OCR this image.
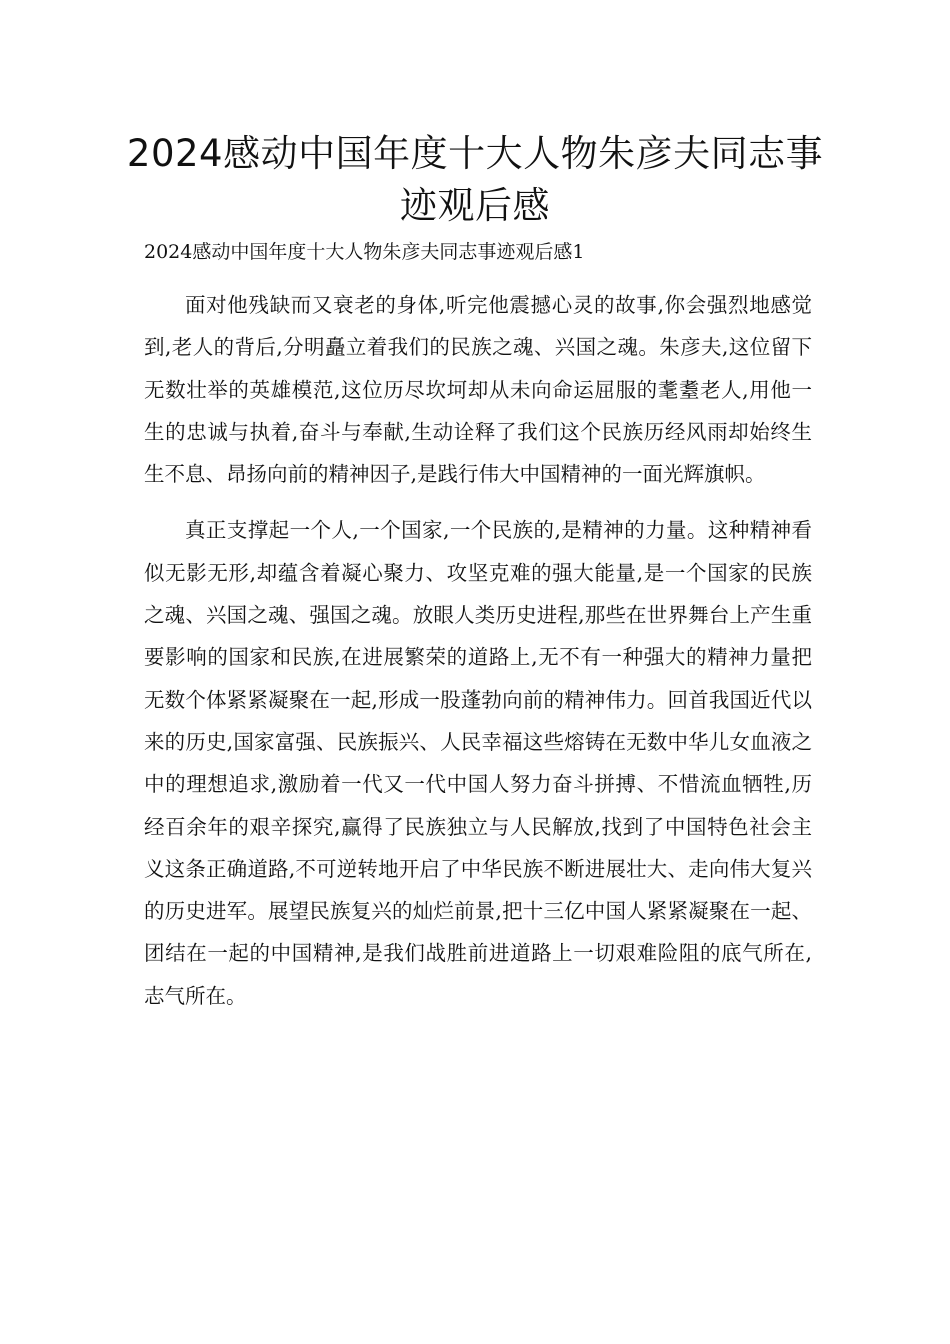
2024感动中国年度十大人物朱彦夫同志事迹观后感

2024感动中国年度十大人物朱彦夫同志事迹观后感1

面对他残缺而又衰老的身体,听完他震撼心灵的故事,你会强烈地感觉到,老人的背后,分明矗立着我们的民族之魂、兴国之魂。朱彦夫,这位留下无数壮举的英雄模范,这位历尽坎坷却从未向命运屈服的耄耋老人,用他一生的忠诚与执着,奋斗与奉献,生动诠释了我们这个民族历经风雨却始终生生不息、昂扬向前的精神因子,是践行伟大中国精神的一面光辉旗帜。

真正支撑起一个人,一个国家,一个民族的,是精神的力量。这种精神看似无影无形,却蕴含着凝心聚力、攻坚克难的强大能量,是一个国家的民族之魂、兴国之魂、强国之魂。放眼人类历史进程,那些在世界舞台上产生重要影响的国家和民族,在进展繁荣的道路上,无不有一种强大的精神力量把无数个体紧紧凝聚在一起,形成一股蓬勃向前的精神伟力。回首我国近代以来的历史,国家富强、民族振兴、人民幸福这些熔铸在无数中华儿女血液之中的理想追求,激励着一代又一代中国人努力奋斗拼搏、不惜流血牺牲,历经百余年的艰辛探究,赢得了民族独立与人民解放,找到了中国特色社会主义这条正确道路,不可逆转地开启了中华民族不断进展壮大、走向伟大复兴的历史进军。展望民族复兴的灿烂前景,把十三亿中国人紧紧凝聚在一起、团结在一起的中国精神,是我们战胜前进道路上一切艰难险阻的底气所在,志气所在。
